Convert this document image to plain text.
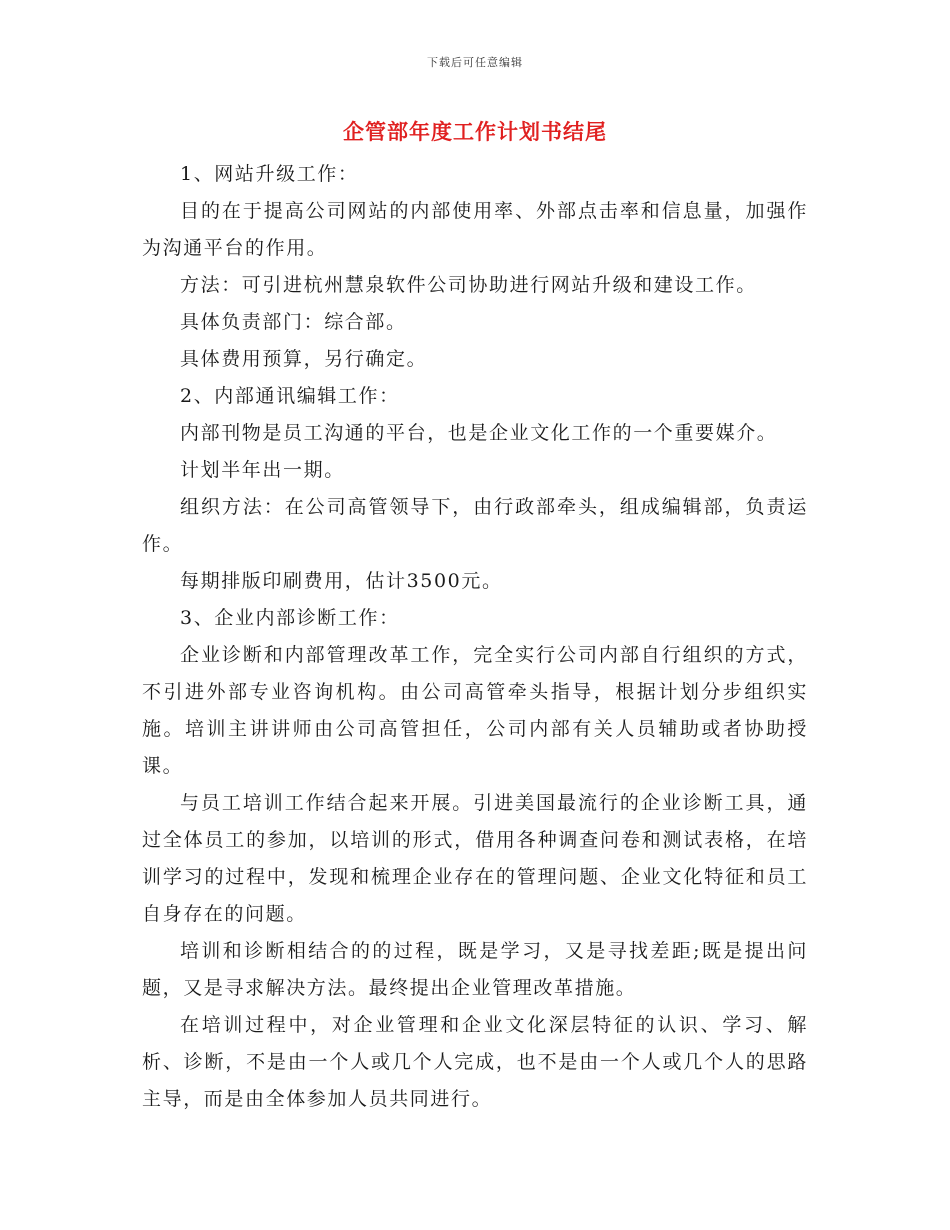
下载后可任意编辑
企管部年度工作计划书结尾

1、网站升级工作：

目的在于提高公司网站的内部使用率、外部点击率和信息量，加强作为沟通平台的作用。

方法：可引进杭州慧泉软件公司协助进行网站升级和建设工作。

具体负责部门：综合部。

具体费用预算，另行确定。

2、内部通讯编辑工作：

内部刊物是员工沟通的平台，也是企业文化工作的一个重要媒介。

计划半年出一期。

组织方法：在公司高管领导下，由行政部牵头，组成编辑部，负责运作。

每期排版印刷费用，估计3500元。

3、企业内部诊断工作：

企业诊断和内部管理改革工作，完全实行公司内部自行组织的方式，不引进外部专业咨询机构。由公司高管牵头指导，根据计划分步组织实施。培训主讲讲师由公司高管担任，公司内部有关人员辅助或者协助授课。

与员工培训工作结合起来开展。引进美国最流行的企业诊断工具，通过全体员工的参加，以培训的形式，借用各种调查问卷和测试表格，在培训学习的过程中，发现和梳理企业存在的管理问题、企业文化特征和员工自身存在的问题。

培训和诊断相结合的的过程，既是学习，又是寻找差距;既是提出问题，又是寻求解决方法。最终提出企业管理改革措施。

在培训过程中，对企业管理和企业文化深层特征的认识、学习、解析、诊断，不是由一个人或几个人完成，也不是由一个人或几个人的思路主导，而是由全体参加人员共同进行。
